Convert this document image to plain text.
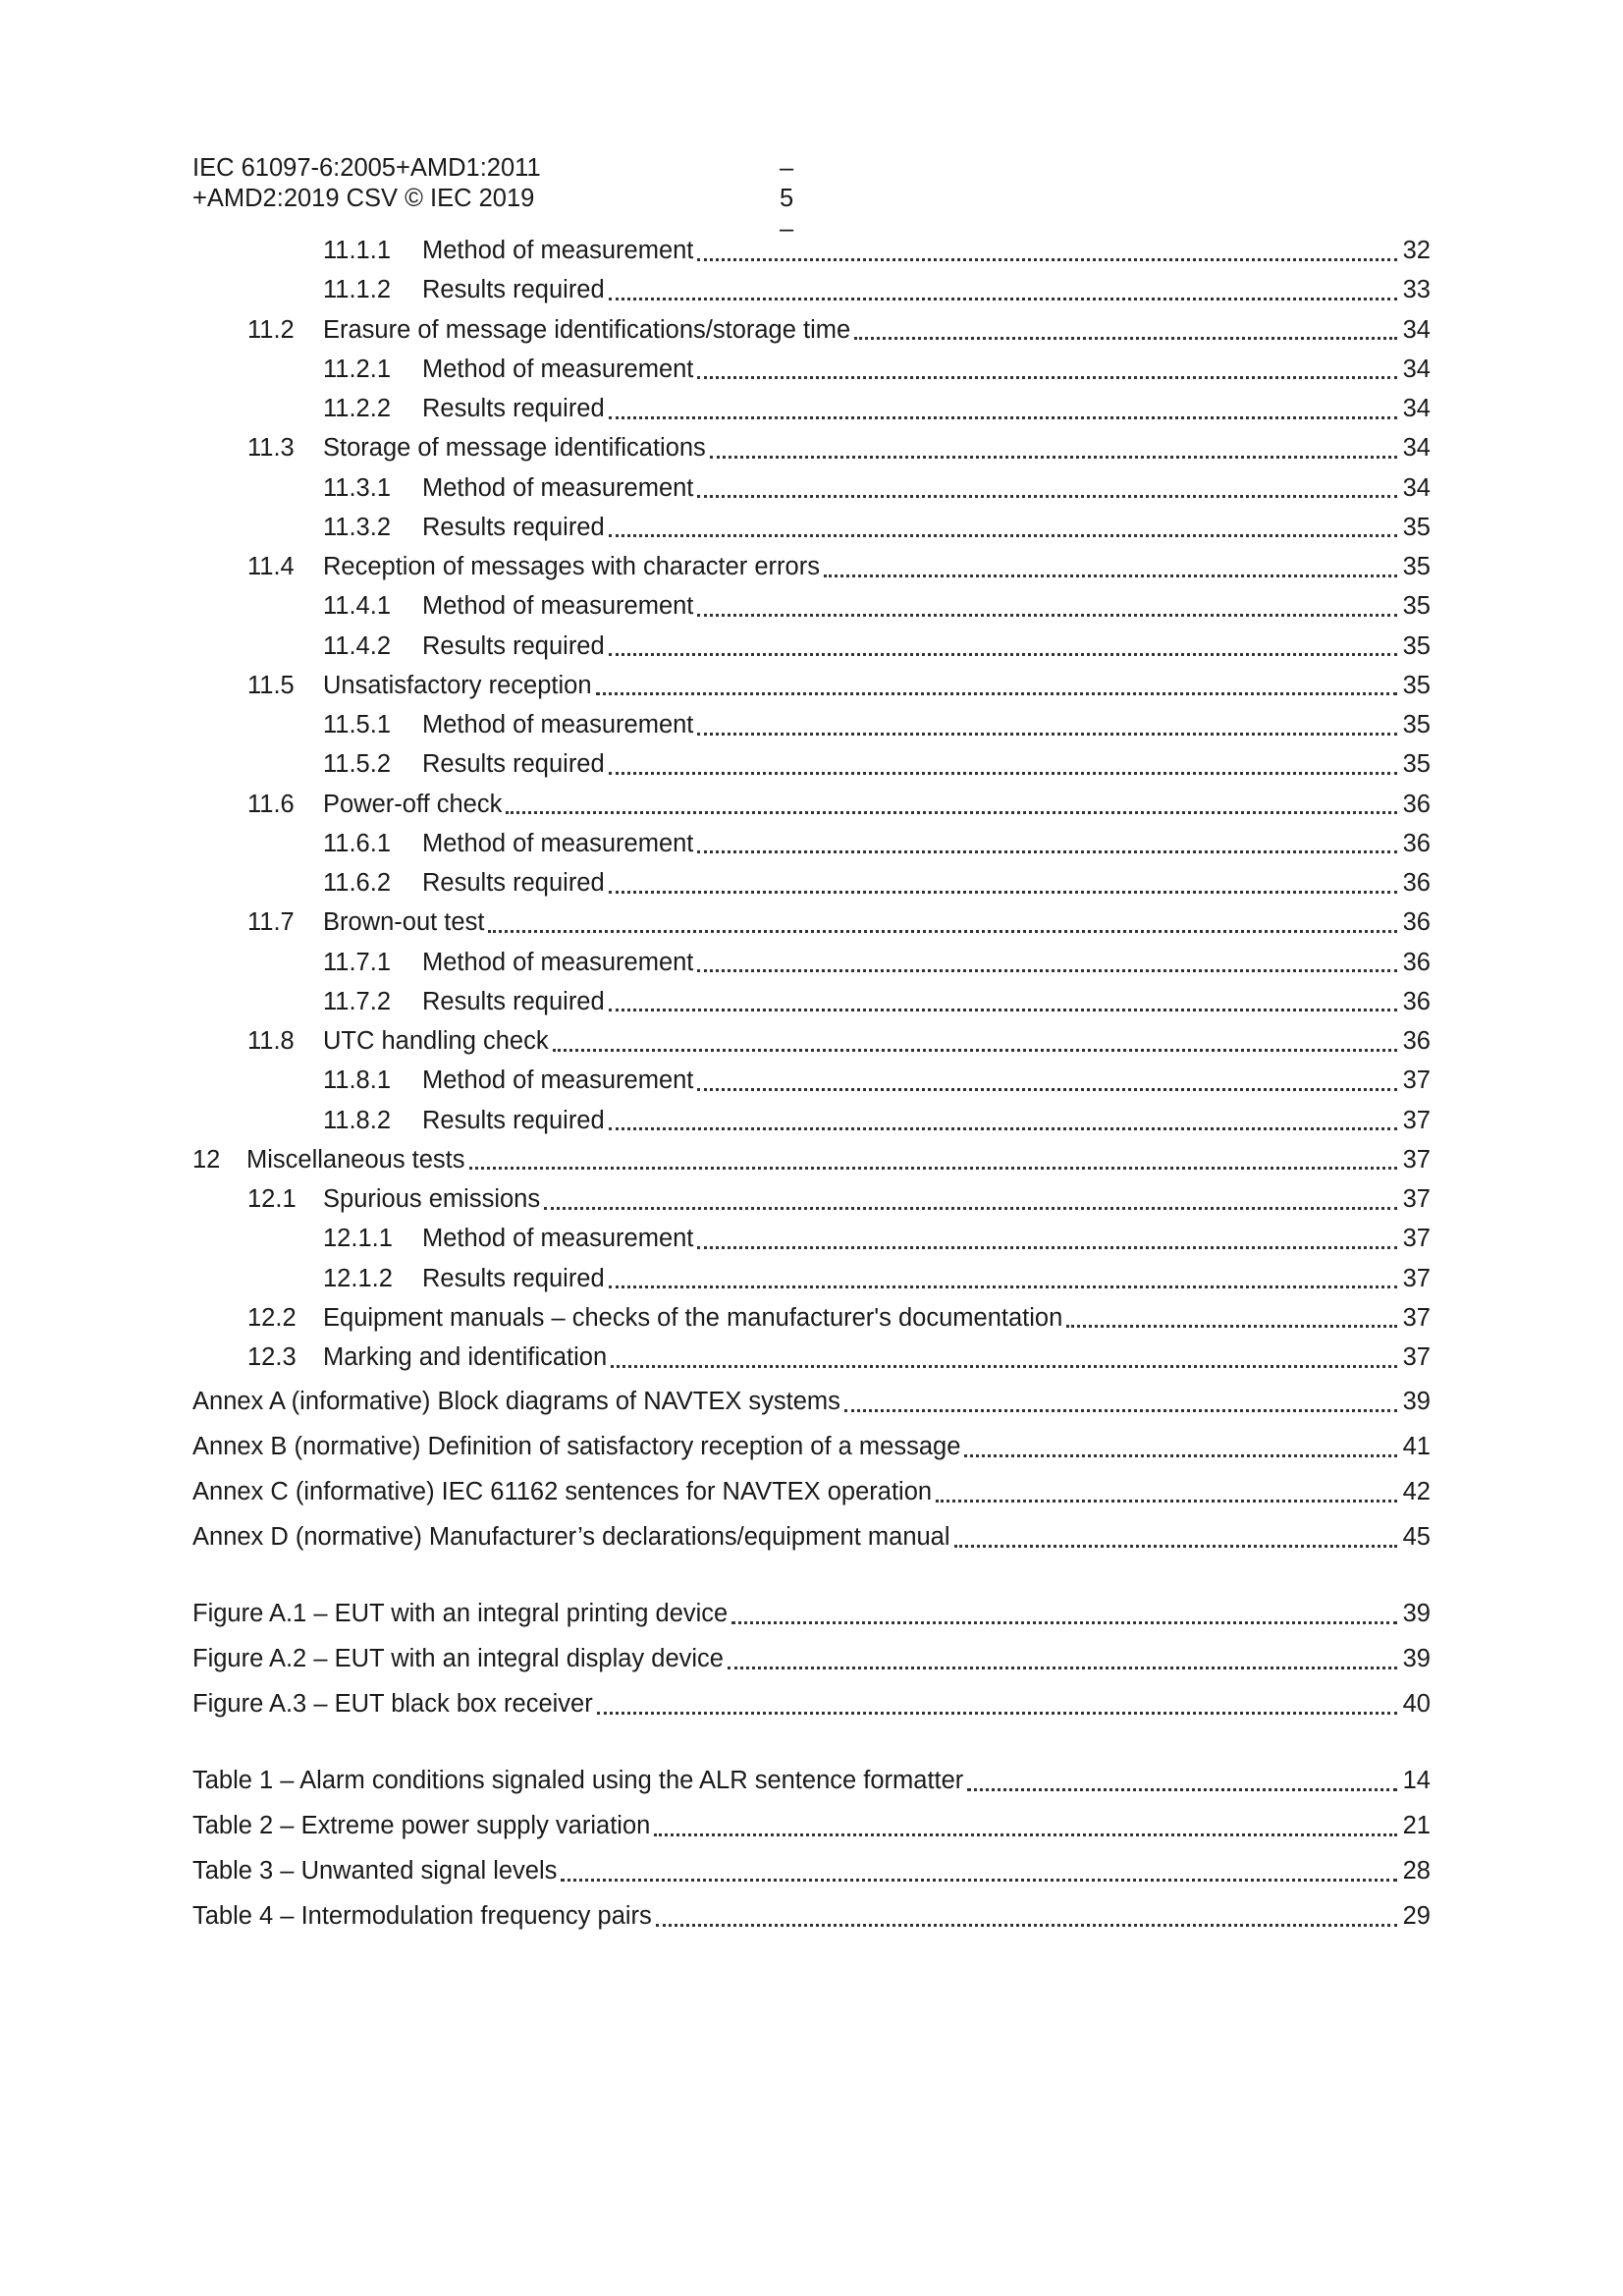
IEC 61097-6:2005+AMD1:2011
+AMD2:2019 CSV © IEC 2019
– 5 –
11.1.1	Method of measurement	32
11.1.2	Results required	33
11.2	Erasure of message identifications/storage time	34
11.2.1	Method of measurement	34
11.2.2	Results required	34
11.3	Storage of message identifications	34
11.3.1	Method of measurement	34
11.3.2	Results required	35
11.4	Reception of messages with character errors	35
11.4.1	Method of measurement	35
11.4.2	Results required	35
11.5	Unsatisfactory reception	35
11.5.1	Method of measurement	35
11.5.2	Results required	35
11.6	Power-off check	36
11.6.1	Method of measurement	36
11.6.2	Results required	36
11.7	Brown-out test	36
11.7.1	Method of measurement	36
11.7.2	Results required	36
11.8	UTC handling check	36
11.8.1	Method of measurement	37
11.8.2	Results required	37
12	Miscellaneous tests	37
12.1	Spurious emissions	37
12.1.1	Method of measurement	37
12.1.2	Results required	37
12.2	Equipment manuals – checks of the manufacturer's documentation	37
12.3	Marking and identification	37
Annex A (informative) Block diagrams of NAVTEX systems	39
Annex B (normative) Definition of satisfactory reception of a message	41
Annex C (informative) IEC 61162 sentences for NAVTEX operation	42
Annex D (normative) Manufacturer’s declarations/equipment manual	45
Figure A.1 – EUT with an integral printing device	39
Figure A.2 – EUT with an integral display device	39
Figure A.3 – EUT black box receiver	40
Table 1 – Alarm conditions signaled using the ALR sentence formatter	14
Table 2 – Extreme power supply variation	21
Table 3 – Unwanted signal levels	28
Table 4 – Intermodulation frequency pairs	29
